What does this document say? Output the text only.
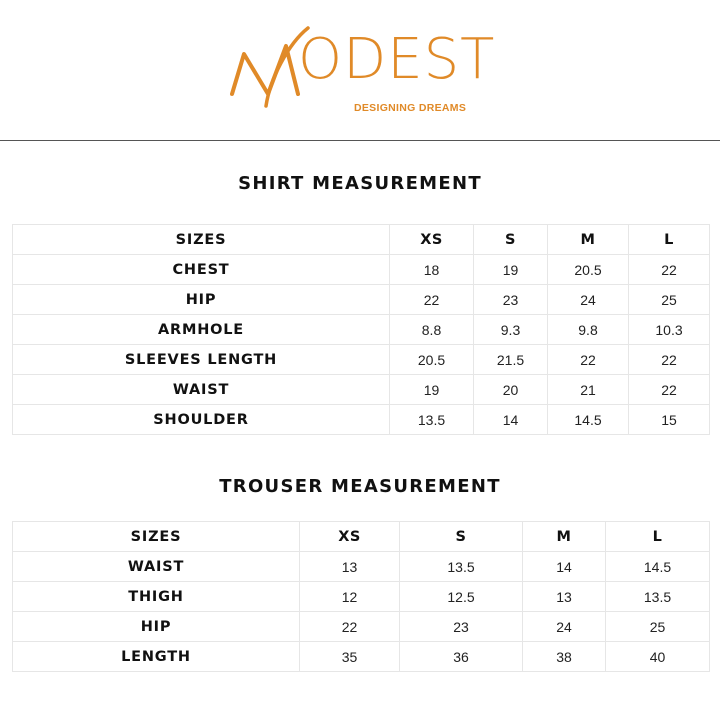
ODEST
DESIGNING DREAMS
SHIRT MEASUREMENT
SIZES	XS	S	M	L
CHEST	18	19	20.5	22
HIP	22	23	24	25
ARMHOLE	8.8	9.3	9.8	10.3
SLEEVES LENGTH	20.5	21.5	22	22
WAIST	19	20	21	22
SHOULDER	13.5	14	14.5	15
TROUSER MEASUREMENT
SIZES	XS	S	M	L
WAIST	13	13.5	14	14.5
THIGH	12	12.5	13	13.5
HIP	22	23	24	25
LENGTH	35	36	38	40
